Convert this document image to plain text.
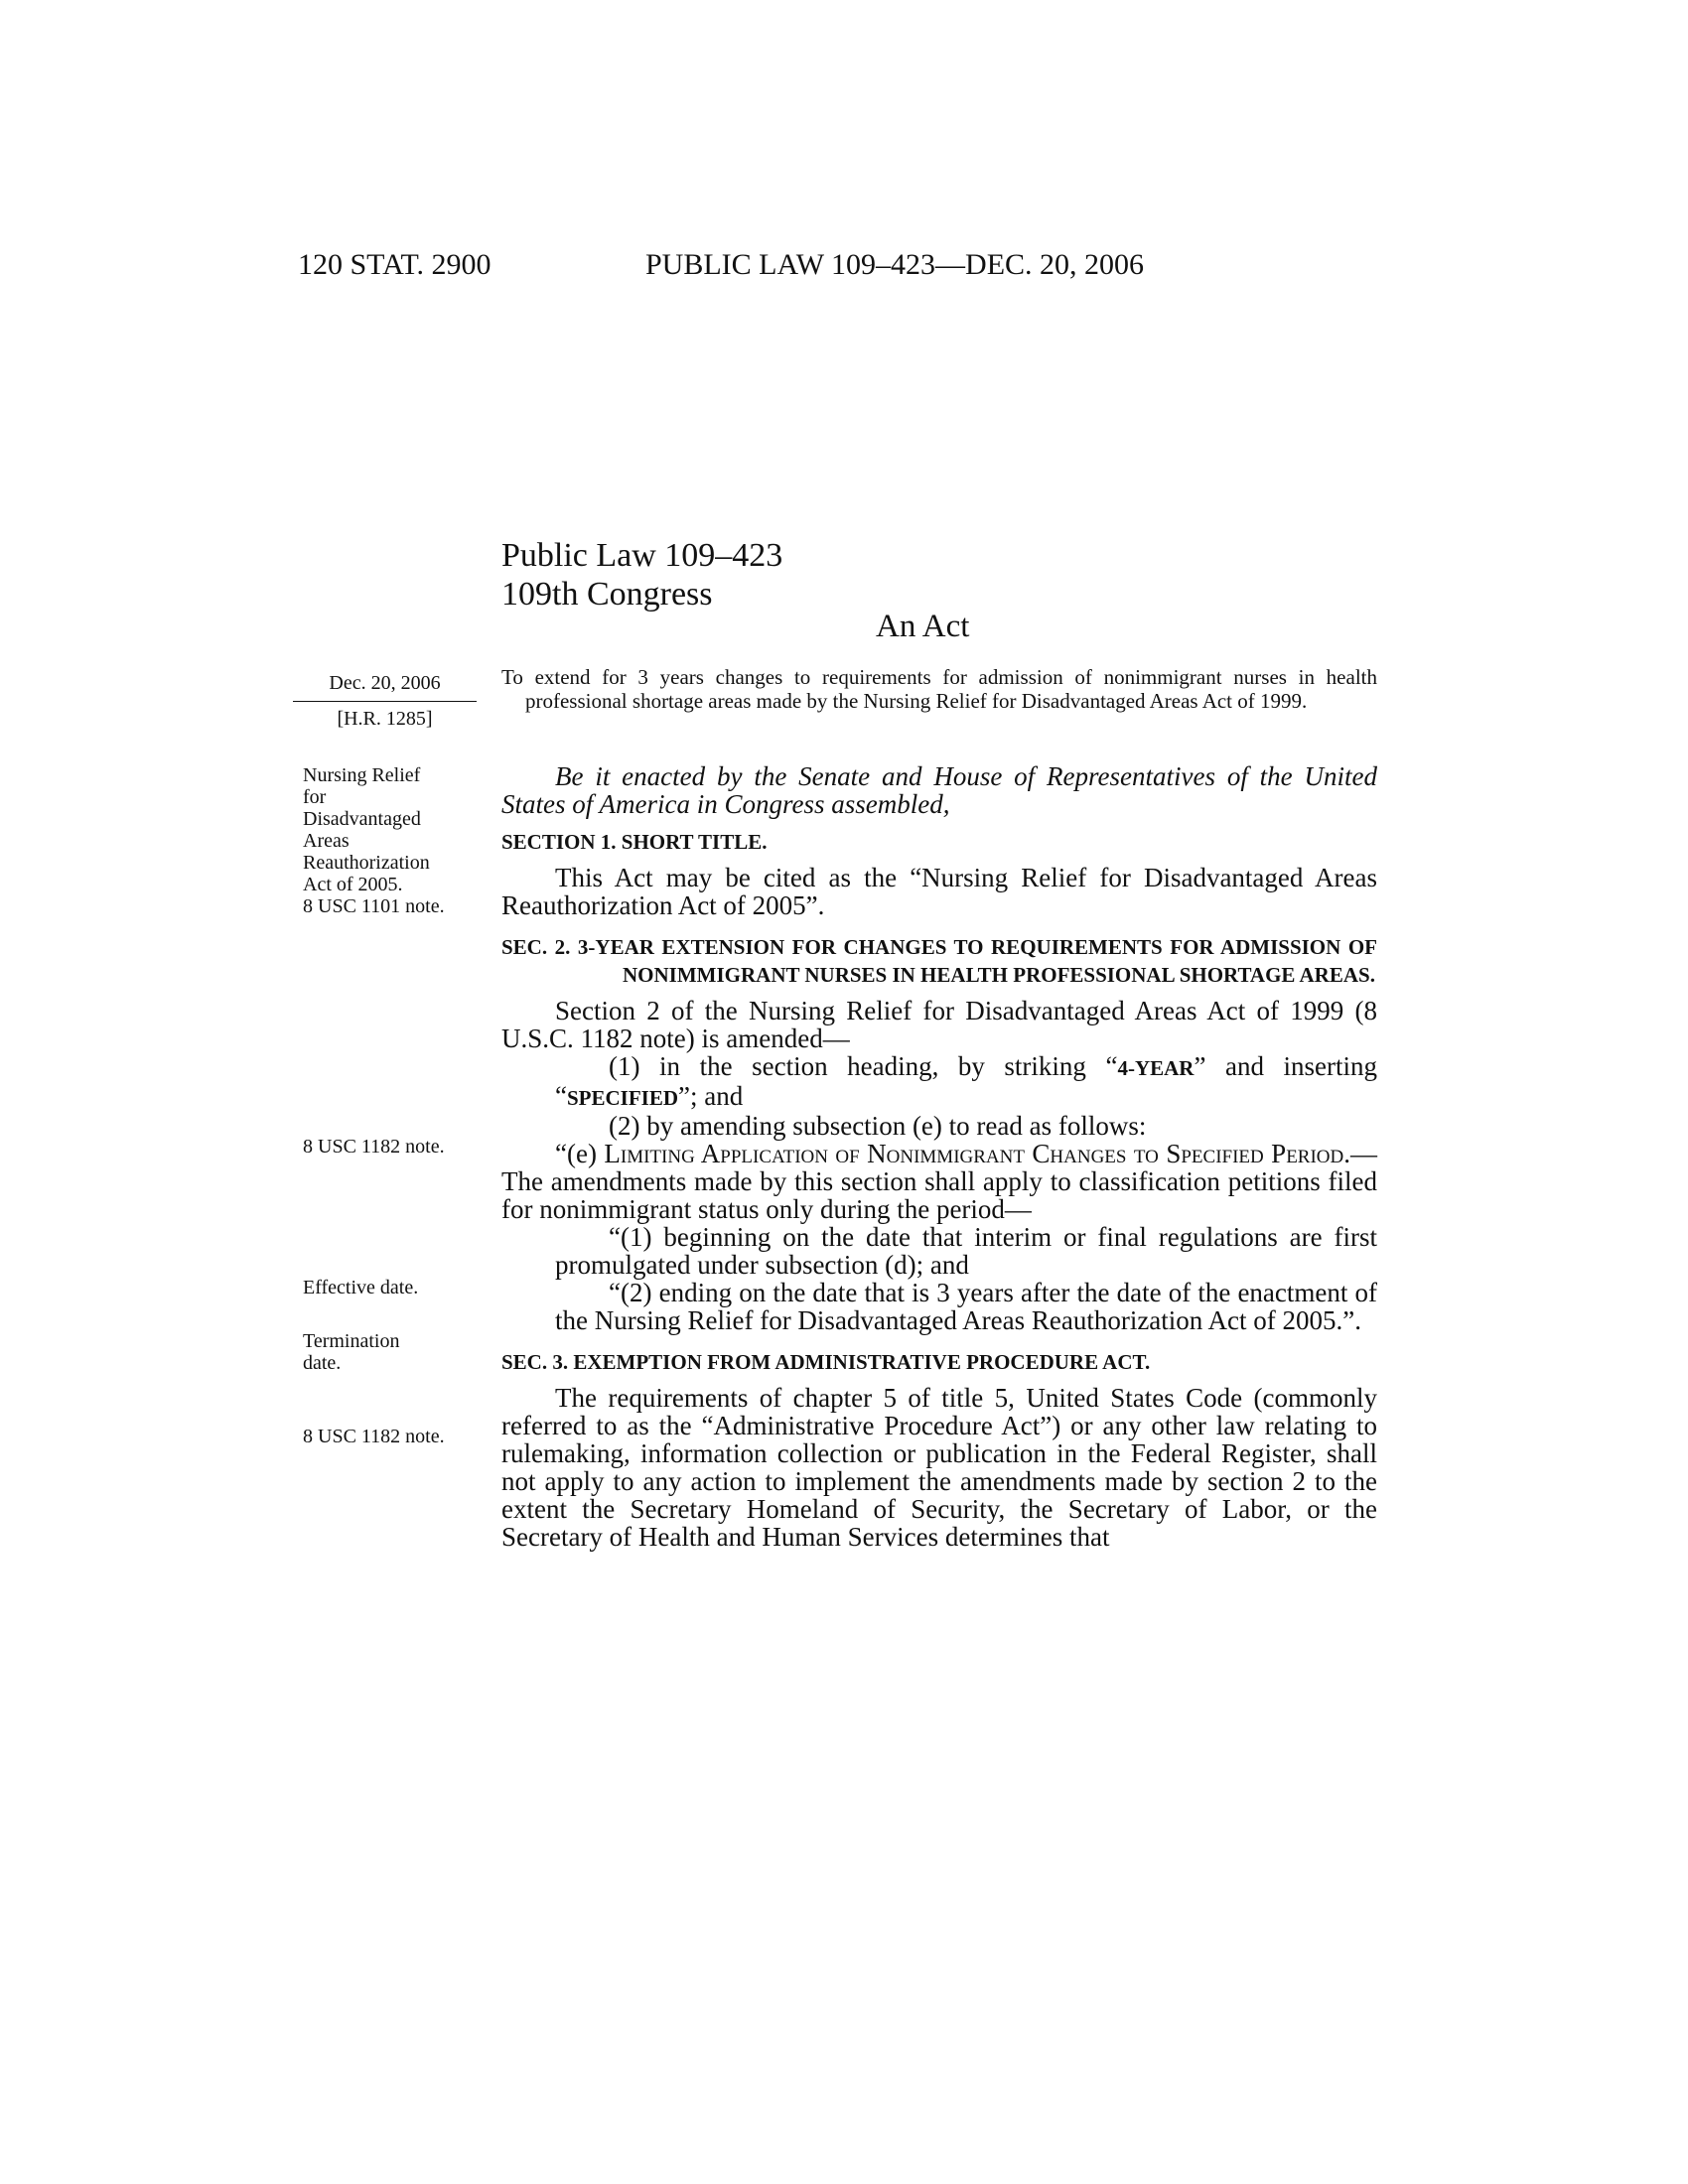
120 STAT. 2900	PUBLIC LAW 109–423—DEC. 20, 2006
Public Law 109–423
109th Congress
An Act
Dec. 20, 2006
[H.R. 1285]
Nursing Relief
for
Disadvantaged
Areas
Reauthorization
Act of 2005.
8 USC 1101 note.
8 USC 1182 note.
Effective date.
Termination
date.
8 USC 1182 note.
To extend for 3 years changes to requirements for admission of nonimmigrant nurses in health professional shortage areas made by the Nursing Relief for Disadvantaged Areas Act of 1999.

Be it enacted by the Senate and House of Representatives of the United States of America in Congress assembled,

SECTION 1. SHORT TITLE.

This Act may be cited as the “Nursing Relief for Disadvantaged Areas Reauthorization Act of 2005”.

SEC. 2. 3-YEAR EXTENSION FOR CHANGES TO REQUIREMENTS FOR ADMISSION OF NONIMMIGRANT NURSES IN HEALTH PROFESSIONAL SHORTAGE AREAS.

Section 2 of the Nursing Relief for Disadvantaged Areas Act of 1999 (8 U.S.C. 1182 note) is amended—

(1) in the section heading, by striking “4-YEAR” and inserting “SPECIFIED”; and

(2) by amending subsection (e) to read as follows:

“(e) Limiting Application of Nonimmigrant Changes to Specified Period.—The amendments made by this section shall apply to classification petitions filed for nonimmigrant status only during the period—

“(1) beginning on the date that interim or final regulations are first promulgated under subsection (d); and

“(2) ending on the date that is 3 years after the date of the enactment of the Nursing Relief for Disadvantaged Areas Reauthorization Act of 2005.”.

SEC. 3. EXEMPTION FROM ADMINISTRATIVE PROCEDURE ACT.

The requirements of chapter 5 of title 5, United States Code (commonly referred to as the “Administrative Procedure Act”) or any other law relating to rulemaking, information collection or publication in the Federal Register, shall not apply to any action to implement the amendments made by section 2 to the extent the Secretary Homeland of Security, the Secretary of Labor, or the Secretary of Health and Human Services determines that
